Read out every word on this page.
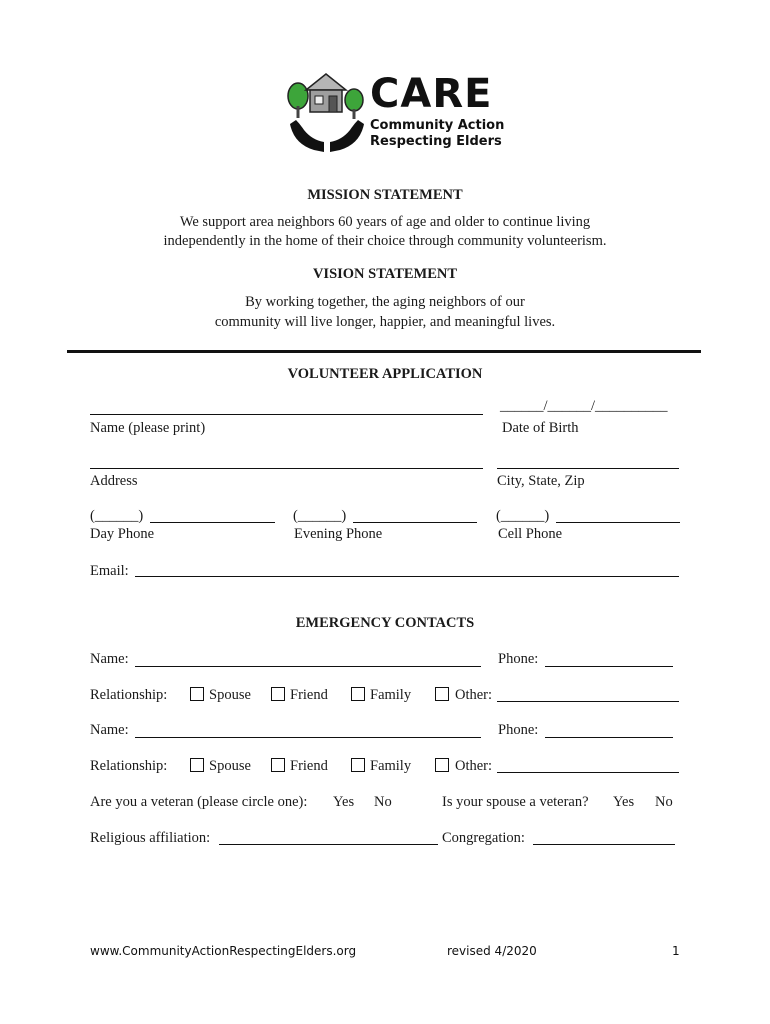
CARE
Community Action
Respecting Elders
MISSION STATEMENT
We support area neighbors 60 years of age and older to continue living
independently in the home of their choice through community volunteerism.
VISION STATEMENT
By working together, the aging neighbors of our
community will live longer, happier, and meaningful lives.
VOLUNTEER APPLICATION
______/______/__________
Name (please print)	Date of Birth
Address	City, State, Zip
(______)	(______)	(______)
Day Phone	Evening Phone	Cell Phone
Email:
EMERGENCY CONTACTS
Name:	Phone:
Relationship:	Spouse	Friend	Family	Other:
Name:	Phone:
Relationship:	Spouse	Friend	Family	Other:
Are you a veteran (please circle one): Yes No	Is your spouse a veteran? Yes No
Religious affiliation:	Congregation:
www.CommunityActionRespectingElders.org	revised 4/2020	1
